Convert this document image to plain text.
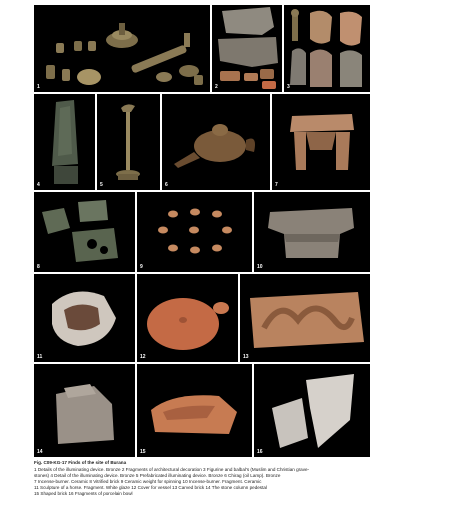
1	2	3
4	5	6	7
8	9	10
11	12	13
14	15	16
Fig. C09-KG-17 Finds of the site of Burana
1 Details of the illuminating device. Bronze 2 Fragments of architectural decoration 3 Figurine and balbal's (Muslim and Christian grave-
stones) 4 Detail of the illuminating device. Bronze 5 Prefabricated illuminating device. Bronze 6 Chirag (oil Lamp). Bronze
7 Incense-burner. Ceramic 8 Vitrified brick 9 Ceramic weight for spinning 10 Incense-burner. Fragment. Ceramic
11 Sculpture of a horse. Fragment. White glaze 12 Cover for vessel 13 Carved brick 14 The stone column pedestal
15 Shaped brick 16 Fragments of porcelain bowl
